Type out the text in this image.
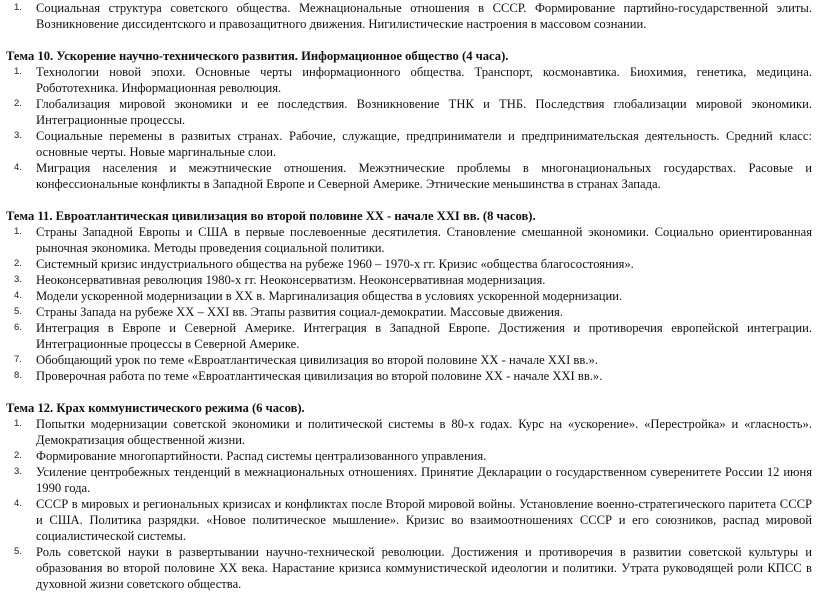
1.	Социальная структура советского общества. Межнациональные отношения в СССР. Формирование партийно-государственной элиты. Возникновение диссидентского и правозащитного движения. Нигилистические настроения в массовом сознании.
Тема 10. Ускорение научно-технического развития. Информационное общество (4 часа).
1.	Технологии новой эпохи. Основные черты информационного общества. Транспорт, космонавтика. Биохимия, генетика, медицина. Робототехника. Информационная революция.
2.	Глобализация мировой экономики и ее последствия. Возникновение ТНК и ТНБ. Последствия глобализации мировой экономики. Интеграционные процессы.
3.	Социальные перемены в развитых странах. Рабочие, служащие, предприниматели и предпринимательская деятельность. Средний класс: основные черты. Новые маргинальные слои.
4.	Миграция населения и межэтнические отношения. Межэтнические проблемы в многонациональных государствах. Расовые и конфессиональные конфликты в Западной Европе и Северной Америке. Этнические меньшинства в странах Запада.
Тема 11. Евроатлантическая цивилизация во второй половине XX - начале XXI вв. (8 часов).
1.	Страны Западной Европы и США в первые послевоенные десятилетия. Становление смешанной экономики. Социально ориентированная рыночная экономика. Методы проведения социальной политики.
2.	Системный кризис индустриального общества на рубеже 1960 – 1970-х гг. Кризис «общества благосостояния».
3.	Неоконсервативная революция 1980-х гг. Неоконсерватизм. Неоконсервативная модернизация.
4.	Модели ускоренной модернизации в XX в. Маргинализация общества в условиях ускоренной модернизации.
5.	Страны Запада на рубеже XX – XXI вв. Этапы развития социал-демократии. Массовые движения.
6.	Интеграция в Европе и Северной Америке. Интеграция в Западной Европе. Достижения и противоречия европейской интеграции. Интеграционные процессы в Северной Америке.
7.	Обобщающий урок по теме «Евроатлантическая цивилизация во второй половине XX - начале XXI вв.».
8.	Проверочная работа по теме «Евроатлантическая цивилизация во второй половине XX - начале XXI вв.».
Тема 12. Крах коммунистического режима (6 часов).
1.	Попытки модернизации советской экономики и политической системы в 80-х годах. Курс на «ускорение». «Перестройка» и «гласность». Демократизация общественной жизни.
2.	Формирование многопартийности. Распад системы централизованного управления.
3.	Усиление центробежных тенденций в межнациональных отношениях. Принятие Декларации о государственном суверенитете России 12 июня 1990 года.
4.	СССР в мировых и региональных кризисах и конфликтах после Второй мировой войны. Установление военно-стратегического паритета СССР и США. Политика разрядки. «Новое политическое мышление». Кризис во взаимоотношениях СССР и его союзников, распад мировой социалистической системы.
5.	Роль советской науки в развертывании научно-технической революции. Достижения и противоречия в развитии советской культуры и образования во второй половине XX века. Нарастание кризиса коммунистической идеологии и политики. Утрата руководящей роли КПСС в духовной жизни советского общества.
